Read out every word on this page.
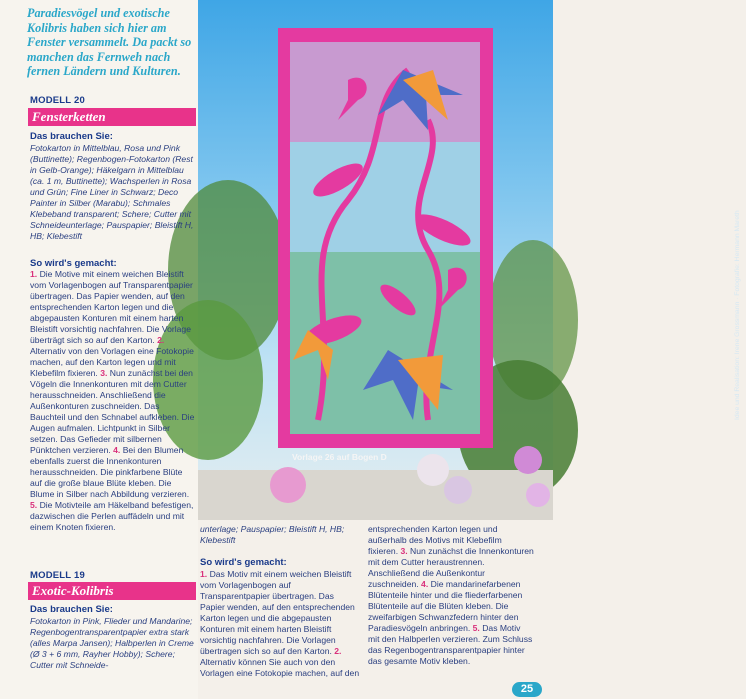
Idee und Realisation: Irene Grossmann · Fotografie: Hermann Mareth
Vorlage 26 auf Bogen D
Paradiesvögel und exotische Kolibris haben sich hier am Fenster versammelt. Da packt so manchen das Fernweh nach fernen Ländern und Kulturen.
MODELL 20
Fensterketten
Das brauchen Sie:
Fotokarton in Mittelblau, Rosa und Pink (Buttinette); Regenbogen-Fotokarton (Rest in Gelb-Orange); Häkelgarn in Mittelblau (ca. 1 m, Buttinette); Wachsperlen in Rosa und Grün; Fine Liner in Schwarz; Deco Painter in Silber (Marabu); Schmales Klebeband transparent; Schere; Cutter mit Schneideunterlage; Pauspapier; Bleistift H, HB; Klebestift
So wird's gemacht:
1. Die Motive mit einem weichen Bleistift vom Vorlagenbogen auf Transparentpapier übertragen. Das Papier wenden, auf den entsprechenden Karton legen und die abgepausten Konturen mit einem harten Bleistift vorsichtig nachfahren. Die Vorlage überträgt sich so auf den Karton. 2. Alternativ von den Vorlagen eine Fotokopie machen, auf den Karton legen und mit Klebefilm fixieren. 3. Nun zunächst bei den Vögeln die Innenkonturen mit dem Cutter herausschneiden. Anschließend die Außenkonturen zuschneiden. Das Bauchteil und den Schnabel aufkleben. Die Augen aufmalen. Lichtpunkt in Silber setzen. Das Gefieder mit silbernen Pünktchen verzieren. 4. Bei den Blumen ebenfalls zuerst die Innenkonturen herausschneiden. Die pinkfarbene Blüte auf die große blaue Blüte kleben. Die Blume in Silber nach Abbildung verzieren. 5. Die Motivteile am Häkelband befestigen, dazwischen die Perlen auffädeln und mit einem Knoten fixieren.
MODELL 19
Exotic-Kolibris
Das brauchen Sie:
Fotokarton in Pink, Flieder und Mandarine; Regenbogentransparentpapier extra stark (alles Marpa Jansen); Halbperlen in Creme (Ø 3 + 6 mm, Rayher Hobby); Schere; Cutter mit Schneide-
unterlage; Pauspapier; Bleistift H, HB; Klebestift
So wird's gemacht:
1. Das Motiv mit einem weichen Bleistift vom Vorlagenbogen auf Transparentpapier übertragen. Das Papier wenden, auf den entsprechenden Karton legen und die abgepausten Konturen mit einem harten Bleistift vorsichtig nachfahren. Die Vorlagen übertragen sich so auf den Karton. 2. Alternativ können Sie auch von den Vorlagen eine Fotokopie machen, auf den
entsprechenden Karton legen und außerhalb des Motivs mit Klebefilm fixieren. 3. Nun zunächst die Innenkonturen mit dem Cutter heraustrennen. Anschließend die Außenkontur zuschneiden. 4. Die mandarinefarbenen Blütenteile hinter und die fliederfarbenen Blütenteile auf die Blüten kleben. Die zweifarbigen Schwanzfedern hinter den Paradiesvögeln anbringen. 5. Das Motiv mit den Halbperlen verzieren. Zum Schluss das Regenbogentransparentpapier hinter das gesamte Motiv kleben.
25
